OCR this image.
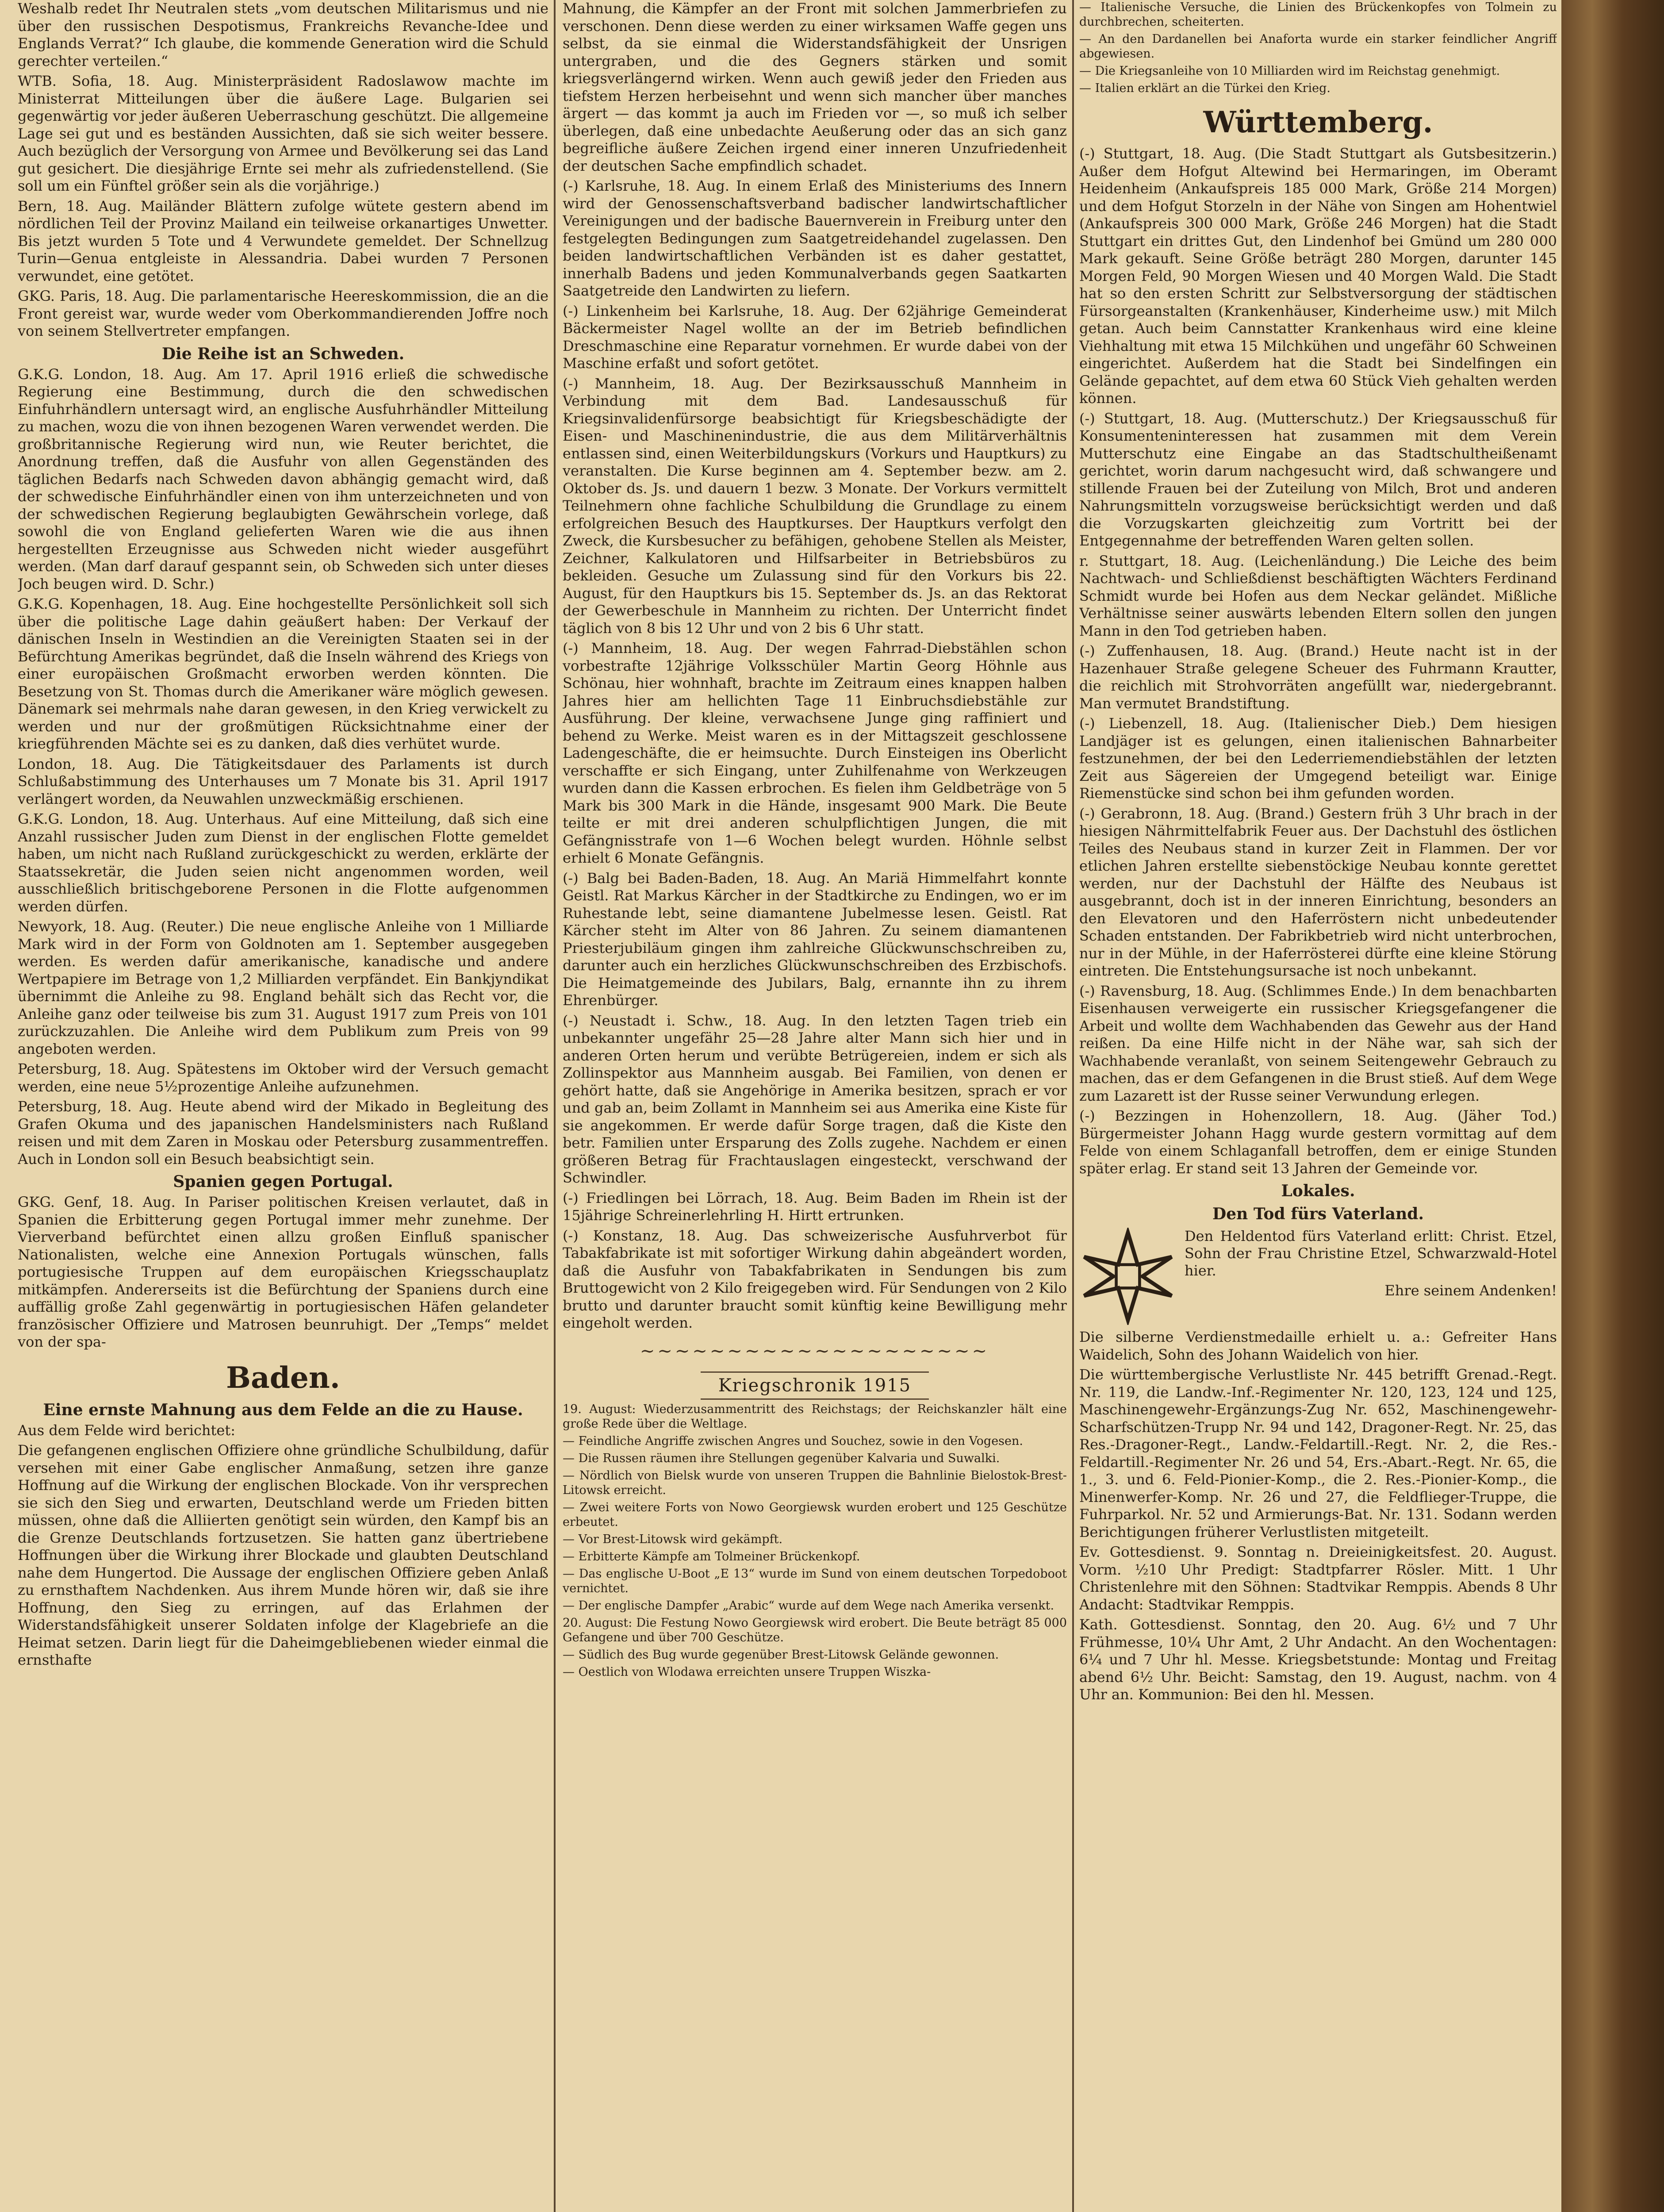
Weshalb redet Ihr Neutralen stets „vom deutschen Militarismus und nie über den russischen Despotismus, Frankreichs Revanche-Idee und Englands Verrat?“ Ich glaube, die kommende Generation wird die Schuld gerechter verteilen.“

WTB. Sofia, 18. Aug. Ministerpräsident Radoslawow machte im Ministerrat Mitteilungen über die äußere Lage. Bulgarien sei gegenwärtig vor jeder äußeren Ueberraschung geschützt. Die allgemeine Lage sei gut und es beständen Aussichten, daß sie sich weiter bessere. Auch bezüglich der Versorgung von Armee und Bevölkerung sei das Land gut gesichert. Die diesjährige Ernte sei mehr als zufriedenstellend. (Sie soll um ein Fünftel größer sein als die vorjährige.)

Bern, 18. Aug. Mailänder Blättern zufolge wütete gestern abend im nördlichen Teil der Provinz Mailand ein teilweise orkanartiges Unwetter. Bis jetzt wurden 5 Tote und 4 Verwundete gemeldet. Der Schnellzug Turin—Genua entgleiste in Alessandria. Dabei wurden 7 Personen verwundet, eine getötet.

GKG. Paris, 18. Aug. Die parlamentarische Heereskommission, die an die Front gereist war, wurde weder vom Oberkommandierenden Joffre noch von seinem Stellvertreter empfangen.

Die Reihe ist an Schweden.

G.K.G. London, 18. Aug. Am 17. April 1916 erließ die schwedische Regierung eine Bestimmung, durch die den schwedischen Einfuhrhändlern untersagt wird, an englische Ausfuhrhändler Mitteilung zu machen, wozu die von ihnen bezogenen Waren verwendet werden. Die großbritannische Regierung wird nun, wie Reuter berichtet, die Anordnung treffen, daß die Ausfuhr von allen Gegenständen des täglichen Bedarfs nach Schweden davon abhängig gemacht wird, daß der schwedische Einfuhrhändler einen von ihm unterzeichneten und von der schwedischen Regierung beglaubigten Gewährschein vorlege, daß sowohl die von England gelieferten Waren wie die aus ihnen hergestellten Erzeugnisse aus Schweden nicht wieder ausgeführt werden. (Man darf darauf gespannt sein, ob Schweden sich unter dieses Joch beugen wird. D. Schr.)

G.K.G. Kopenhagen, 18. Aug. Eine hochgestellte Persönlichkeit soll sich über die politische Lage dahin geäußert haben: Der Verkauf der dänischen Inseln in Westindien an die Vereinigten Staaten sei in der Befürchtung Amerikas begründet, daß die Inseln während des Kriegs von einer europäischen Großmacht erworben werden könnten. Die Besetzung von St. Thomas durch die Amerikaner wäre möglich gewesen. Dänemark sei mehrmals nahe daran gewesen, in den Krieg verwickelt zu werden und nur der großmütigen Rücksichtnahme einer der kriegführenden Mächte sei es zu danken, daß dies verhütet wurde.

London, 18. Aug. Die Tätigkeitsdauer des Parlaments ist durch Schlußabstimmung des Unterhauses um 7 Monate bis 31. April 1917 verlängert worden, da Neuwahlen unzweckmäßig erschienen.

G.K.G. London, 18. Aug. Unterhaus. Auf eine Mitteilung, daß sich eine Anzahl russischer Juden zum Dienst in der englischen Flotte gemeldet haben, um nicht nach Rußland zurückgeschickt zu werden, erklärte der Staatssekretär, die Juden seien nicht angenommen worden, weil ausschließlich britischgeborene Personen in die Flotte aufgenommen werden dürfen.

Newyork, 18. Aug. (Reuter.) Die neue englische Anleihe von 1 Milliarde Mark wird in der Form von Goldnoten am 1. September ausgegeben werden. Es werden dafür amerikanische, kanadische und andere Wertpapiere im Betrage von 1,2 Milliarden verpfändet. Ein Bankjyndikat übernimmt die Anleihe zu 98. England behält sich das Recht vor, die Anleihe ganz oder teilweise bis zum 31. August 1917 zum Preis von 101 zurückzuzahlen. Die Anleihe wird dem Publikum zum Preis von 99 angeboten werden.

Petersburg, 18. Aug. Spätestens im Oktober wird der Versuch gemacht werden, eine neue 5½prozentige Anleihe aufzunehmen.

Petersburg, 18. Aug. Heute abend wird der Mikado in Begleitung des Grafen Okuma und des japanischen Handelsministers nach Rußland reisen und mit dem Zaren in Moskau oder Petersburg zusammentreffen. Auch in London soll ein Besuch beabsichtigt sein.

Spanien gegen Portugal.

GKG. Genf, 18. Aug. In Pariser politischen Kreisen verlautet, daß in Spanien die Erbitterung gegen Portugal immer mehr zunehme. Der Vierverband befürchtet einen allzu großen Einfluß spanischer Nationalisten, welche eine Annexion Portugals wünschen, falls portugiesische Truppen auf dem europäischen Kriegsschauplatz mitkämpfen. Andererseits ist die Befürchtung der Spaniens durch eine auffällig große Zahl gegenwärtig in portugiesischen Häfen gelandeter französischer Offiziere und Matrosen beunruhigt. Der „Temps“ meldet von der spa-

Baden.
Eine ernste Mahnung aus dem Felde an die zu Hause.

Aus dem Felde wird berichtet:

Die gefangenen englischen Offiziere ohne gründliche Schulbildung, dafür versehen mit einer Gabe englischer Anmaßung, setzen ihre ganze Hoffnung auf die Wirkung der englischen Blockade. Von ihr versprechen sie sich den Sieg und erwarten, Deutschland werde um Frieden bitten müssen, ohne daß die Alliierten genötigt sein würden, den Kampf bis an die Grenze Deutschlands fortzusetzen. Sie hatten ganz übertriebene Hoffnungen über die Wirkung ihrer Blockade und glaubten Deutschland nahe dem Hungertod. Die Aussage der englischen Offiziere geben Anlaß zu ernsthaftem Nachdenken. Aus ihrem Munde hören wir, daß sie ihre Hoffnung, den Sieg zu erringen, auf das Erlahmen der Widerstandsfähigkeit unserer Soldaten infolge der Klagebriefe an die Heimat setzen. Darin liegt für die Daheimgebliebenen wieder einmal die ernsthafte

Mahnung, die Kämpfer an der Front mit solchen Jammerbriefen zu verschonen. Denn diese werden zu einer wirksamen Waffe gegen uns selbst, da sie einmal die Widerstandsfähigkeit der Unsrigen untergraben, und die des Gegners stärken und somit kriegsverlängernd wirken. Wenn auch gewiß jeder den Frieden aus tiefstem Herzen herbeisehnt und wenn sich mancher über manches ärgert — das kommt ja auch im Frieden vor —, so muß ich selber überlegen, daß eine unbedachte Aeußerung oder das an sich ganz begreifliche äußere Zeichen irgend einer inneren Unzufriedenheit der deutschen Sache empfindlich schadet.

(-) Karlsruhe, 18. Aug. In einem Erlaß des Ministeriums des Innern wird der Genossenschaftsverband badischer landwirtschaftlicher Vereinigungen und der badische Bauernverein in Freiburg unter den festgelegten Bedingungen zum Saatgetreidehandel zugelassen. Den beiden landwirtschaftlichen Verbänden ist es daher gestattet, innerhalb Badens und jeden Kommunalverbands gegen Saatkarten Saatgetreide den Landwirten zu liefern.

(-) Linkenheim bei Karlsruhe, 18. Aug. Der 62jährige Gemeinderat Bäckermeister Nagel wollte an der im Betrieb befindlichen Dreschmaschine eine Reparatur vornehmen. Er wurde dabei von der Maschine erfaßt und sofort getötet.

(-) Mannheim, 18. Aug. Der Bezirksausschuß Mannheim in Verbindung mit dem Bad. Landesausschuß für Kriegsinvalidenfürsorge beabsichtigt für Kriegsbeschädigte der Eisen- und Maschinenindustrie, die aus dem Militärverhältnis entlassen sind, einen Weiterbildungskurs (Vorkurs und Hauptkurs) zu veranstalten. Die Kurse beginnen am 4. September bezw. am 2. Oktober ds. Js. und dauern 1 bezw. 3 Monate. Der Vorkurs vermittelt Teilnehmern ohne fachliche Schulbildung die Grundlage zu einem erfolgreichen Besuch des Hauptkurses. Der Hauptkurs verfolgt den Zweck, die Kursbesucher zu befähigen, gehobene Stellen als Meister, Zeichner, Kalkulatoren und Hilfsarbeiter in Betriebsbüros zu bekleiden. Gesuche um Zulassung sind für den Vorkurs bis 22. August, für den Hauptkurs bis 15. September ds. Js. an das Rektorat der Gewerbeschule in Mannheim zu richten. Der Unterricht findet täglich von 8 bis 12 Uhr und von 2 bis 6 Uhr statt.

(-) Mannheim, 18. Aug. Der wegen Fahrrad-Diebstählen schon vorbestrafte 12jährige Volksschüler Martin Georg Höhnle aus Schönau, hier wohnhaft, brachte im Zeitraum eines knappen halben Jahres hier am hellichten Tage 11 Einbruchsdiebstähle zur Ausführung. Der kleine, verwachsene Junge ging raffiniert und behend zu Werke. Meist waren es in der Mittagszeit geschlossene Ladengeschäfte, die er heimsuchte. Durch Einsteigen ins Oberlicht verschaffte er sich Eingang, unter Zuhilfenahme von Werkzeugen wurden dann die Kassen erbrochen. Es fielen ihm Geldbeträge von 5 Mark bis 300 Mark in die Hände, insgesamt 900 Mark. Die Beute teilte er mit drei anderen schulpflichtigen Jungen, die mit Gefängnisstrafe von 1—6 Wochen belegt wurden. Höhnle selbst erhielt 6 Monate Gefängnis.

(-) Balg bei Baden-Baden, 18. Aug. An Mariä Himmelfahrt konnte Geistl. Rat Markus Kärcher in der Stadtkirche zu Endingen, wo er im Ruhestande lebt, seine diamantene Jubelmesse lesen. Geistl. Rat Kärcher steht im Alter von 86 Jahren. Zu seinem diamantenen Priesterjubiläum gingen ihm zahlreiche Glückwunschschreiben zu, darunter auch ein herzliches Glückwunschschreiben des Erzbischofs. Die Heimatgemeinde des Jubilars, Balg, ernannte ihn zu ihrem Ehrenbürger.

(-) Neustadt i. Schw., 18. Aug. In den letzten Tagen trieb ein unbekannter ungefähr 25—28 Jahre alter Mann sich hier und in anderen Orten herum und verübte Betrügereien, indem er sich als Zollinspektor aus Mannheim ausgab. Bei Familien, von denen er gehört hatte, daß sie Angehörige in Amerika besitzen, sprach er vor und gab an, beim Zollamt in Mannheim sei aus Amerika eine Kiste für sie angekommen. Er werde dafür Sorge tragen, daß die Kiste den betr. Familien unter Ersparung des Zolls zugehe. Nachdem er einen größeren Betrag für Frachtauslagen eingesteckt, verschwand der Schwindler.

(-) Friedlingen bei Lörrach, 18. Aug. Beim Baden im Rhein ist der 15jährige Schreinerlehrling H. Hirtt ertrunken.

(-) Konstanz, 18. Aug. Das schweizerische Ausfuhrverbot für Tabakfabrikate ist mit sofortiger Wirkung dahin abgeändert worden, daß die Ausfuhr von Tabakfabrikaten in Sendungen bis zum Bruttogewicht von 2 Kilo freigegeben wird. Für Sendungen von 2 Kilo brutto und darunter braucht somit künftig keine Bewilligung mehr eingeholt werden.

~~~~~~~~~~~~~~~~~~~~
Kriegschronik 1915

19. August: Wiederzusammentritt des Reichstags; der Reichskanzler hält eine große Rede über die Weltlage.

— Feindliche Angriffe zwischen Angres und Souchez, sowie in den Vogesen.

— Die Russen räumen ihre Stellungen gegenüber Kalvaria und Suwalki.

— Nördlich von Bielsk wurde von unseren Truppen die Bahnlinie Bielostok-Brest-Litowsk erreicht.

— Zwei weitere Forts von Nowo Georgiewsk wurden erobert und 125 Geschütze erbeutet.

— Vor Brest-Litowsk wird gekämpft.

— Erbitterte Kämpfe am Tolmeiner Brückenkopf.

— Das englische U-Boot „E 13“ wurde im Sund von einem deutschen Torpedoboot vernichtet.

— Der englische Dampfer „Arabic“ wurde auf dem Wege nach Amerika versenkt.

20. August: Die Festung Nowo Georgiewsk wird erobert. Die Beute beträgt 85 000 Gefangene und über 700 Geschütze.

— Südlich des Bug wurde gegenüber Brest-Litowsk Gelände gewonnen.

— Oestlich von Wlodawa erreichten unsere Truppen Wiszka-

— Italienische Versuche, die Linien des Brückenkopfes von Tolmein zu durchbrechen, scheiterten.

— An den Dardanellen bei Anaforta wurde ein starker feindlicher Angriff abgewiesen.

— Die Kriegsanleihe von 10 Milliarden wird im Reichstag genehmigt.

— Italien erklärt an die Türkei den Krieg.

Württemberg.

(-) Stuttgart, 18. Aug. (Die Stadt Stuttgart als Gutsbesitzerin.) Außer dem Hofgut Altewind bei Hermaringen, im Oberamt Heidenheim (Ankaufspreis 185 000 Mark, Größe 214 Morgen) und dem Hofgut Storzeln in der Nähe von Singen am Hohentwiel (Ankaufspreis 300 000 Mark, Größe 246 Morgen) hat die Stadt Stuttgart ein drittes Gut, den Lindenhof bei Gmünd um 280 000 Mark gekauft. Seine Größe beträgt 280 Morgen, darunter 145 Morgen Feld, 90 Morgen Wiesen und 40 Morgen Wald. Die Stadt hat so den ersten Schritt zur Selbstversorgung der städtischen Fürsorgeanstalten (Krankenhäuser, Kinderheime usw.) mit Milch getan. Auch beim Cannstatter Krankenhaus wird eine kleine Viehhaltung mit etwa 15 Milchkühen und ungefähr 60 Schweinen eingerichtet. Außerdem hat die Stadt bei Sindelfingen ein Gelände gepachtet, auf dem etwa 60 Stück Vieh gehalten werden können.

(-) Stuttgart, 18. Aug. (Mutterschutz.) Der Kriegsausschuß für Konsumenteninteressen hat zusammen mit dem Verein Mutterschutz eine Eingabe an das Stadtschultheißenamt gerichtet, worin darum nachgesucht wird, daß schwangere und stillende Frauen bei der Zuteilung von Milch, Brot und anderen Nahrungsmitteln vorzugsweise berücksichtigt werden und daß die Vorzugskarten gleichzeitig zum Vortritt bei der Entgegennahme der betreffenden Waren gelten sollen.

r. Stuttgart, 18. Aug. (Leichenländung.) Die Leiche des beim Nachtwach- und Schließdienst beschäftigten Wächters Ferdinand Schmidt wurde bei Hofen aus dem Neckar geländet. Mißliche Verhältnisse seiner auswärts lebenden Eltern sollen den jungen Mann in den Tod getrieben haben.

(-) Zuffenhausen, 18. Aug. (Brand.) Heute nacht ist in der Hazenhauer Straße gelegene Scheuer des Fuhrmann Krautter, die reichlich mit Strohvorräten angefüllt war, niedergebrannt. Man vermutet Brandstiftung.

(-) Liebenzell, 18. Aug. (Italienischer Dieb.) Dem hiesigen Landjäger ist es gelungen, einen italienischen Bahnarbeiter festzunehmen, der bei den Lederriemendiebstählen der letzten Zeit aus Sägereien der Umgegend beteiligt war. Einige Riemenstücke sind schon bei ihm gefunden worden.

(-) Gerabronn, 18. Aug. (Brand.) Gestern früh 3 Uhr brach in der hiesigen Nährmittelfabrik Feuer aus. Der Dachstuhl des östlichen Teiles des Neubaus stand in kurzer Zeit in Flammen. Der vor etlichen Jahren erstellte siebenstöckige Neubau konnte gerettet werden, nur der Dachstuhl der Hälfte des Neubaus ist ausgebrannt, doch ist in der inneren Einrichtung, besonders an den Elevatoren und den Haferröstern nicht unbedeutender Schaden entstanden. Der Fabrikbetrieb wird nicht unterbrochen, nur in der Mühle, in der Haferrösterei dürfte eine kleine Störung eintreten. Die Entstehungsursache ist noch unbekannt.

(-) Ravensburg, 18. Aug. (Schlimmes Ende.) In dem benachbarten Eisenhausen verweigerte ein russischer Kriegsgefangener die Arbeit und wollte dem Wachhabenden das Gewehr aus der Hand reißen. Da eine Hilfe nicht in der Nähe war, sah sich der Wachhabende veranlaßt, von seinem Seitengewehr Gebrauch zu machen, das er dem Gefangenen in die Brust stieß. Auf dem Wege zum Lazarett ist der Russe seiner Verwundung erlegen.

(-) Bezzingen in Hohenzollern, 18. Aug. (Jäher Tod.) Bürgermeister Johann Hagg wurde gestern vormittag auf dem Felde von einem Schlaganfall betroffen, dem er einige Stunden später erlag. Er stand seit 13 Jahren der Gemeinde vor.

Lokales.
Den Tod fürs Vaterland.

Den Heldentod fürs Vaterland erlitt: Christ. Etzel, Sohn der Frau Christine Etzel, Schwarzwald-Hotel hier.

Ehre seinem Andenken!

Die silberne Verdienstmedaille erhielt u. a.: Gefreiter Hans Waidelich, Sohn des Johann Waidelich von hier.

Die württembergische Verlustliste Nr. 445 betrifft Grenad.-Regt. Nr. 119, die Landw.-Inf.-Regimenter Nr. 120, 123, 124 und 125, Maschinengewehr-Ergänzungs-Zug Nr. 652, Maschinengewehr-Scharfschützen-Trupp Nr. 94 und 142, Dragoner-Regt. Nr. 25, das Res.-Dragoner-Regt., Landw.-Feldartill.-Regt. Nr. 2, die Res.-Feldartill.-Regimenter Nr. 26 und 54, Ers.-Abart.-Regt. Nr. 65, die 1., 3. und 6. Feld-Pionier-Komp., die 2. Res.-Pionier-Komp., die Minenwerfer-Komp. Nr. 26 und 27, die Feldflieger-Truppe, die Fuhrparkol. Nr. 52 und Armierungs-Bat. Nr. 131. Sodann werden Berichtigungen früherer Verlustlisten mitgeteilt.

Ev. Gottesdienst. 9. Sonntag n. Dreieinigkeitsfest. 20. August. Vorm. ½10 Uhr Predigt: Stadtpfarrer Rösler. Mitt. 1 Uhr Christenlehre mit den Söhnen: Stadtvikar Remppis. Abends 8 Uhr Andacht: Stadtvikar Remppis.

Kath. Gottesdienst. Sonntag, den 20. Aug. 6½ und 7 Uhr Frühmesse, 10¼ Uhr Amt, 2 Uhr Andacht. An den Wochentagen: 6¼ und 7 Uhr hl. Messe. Kriegsbetstunde: Montag und Freitag abend 6½ Uhr. Beicht: Samstag, den 19. August, nachm. von 4 Uhr an. Kommunion: Bei den hl. Messen.
